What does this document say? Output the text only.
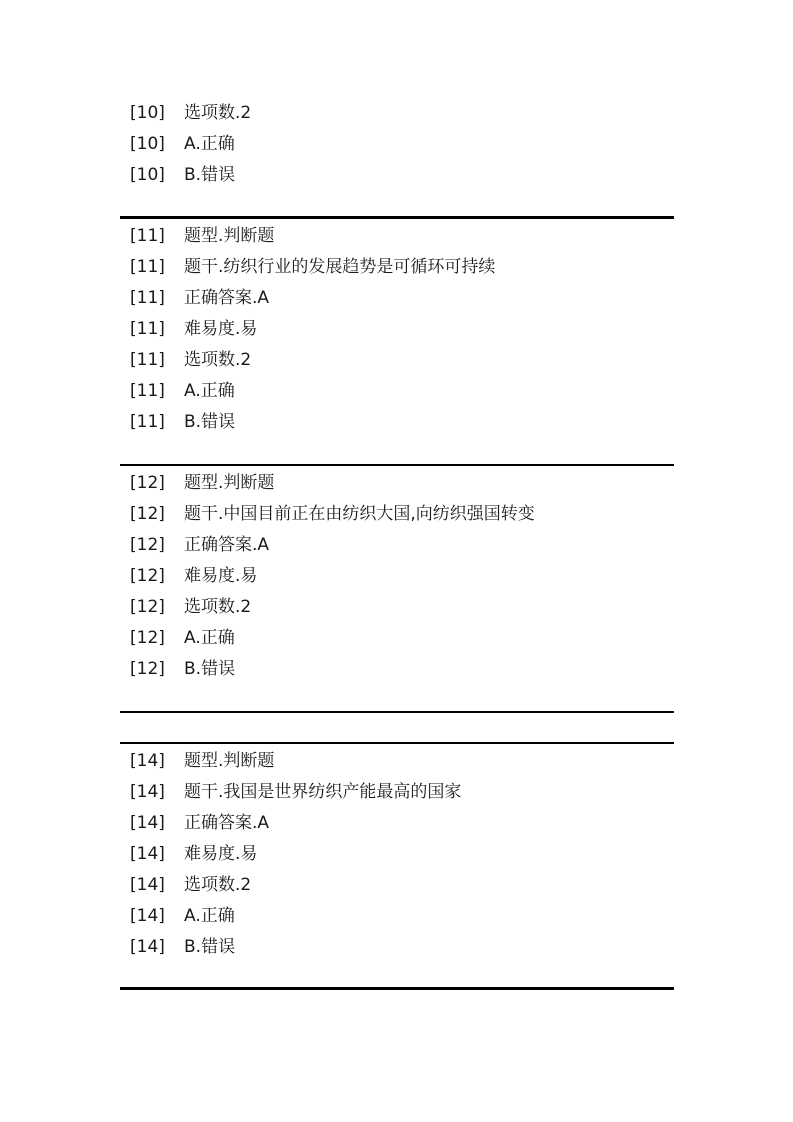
[10] 选项数.2
[10] A.正确
[10] B.错误
[11] 题型.判断题
[11] 题干.纺织行业的发展趋势是可循环可持续
[11] 正确答案.A
[11] 难易度.易
[11] 选项数.2
[11] A.正确
[11] B.错误
[12] 题型.判断题
[12] 题干.中国目前正在由纺织大国,向纺织强国转变
[12] 正确答案.A
[12] 难易度.易
[12] 选项数.2
[12] A.正确
[12] B.错误
[14] 题型.判断题
[14] 题干.我国是世界纺织产能最高的国家
[14] 正确答案.A
[14] 难易度.易
[14] 选项数.2
[14] A.正确
[14] B.错误
